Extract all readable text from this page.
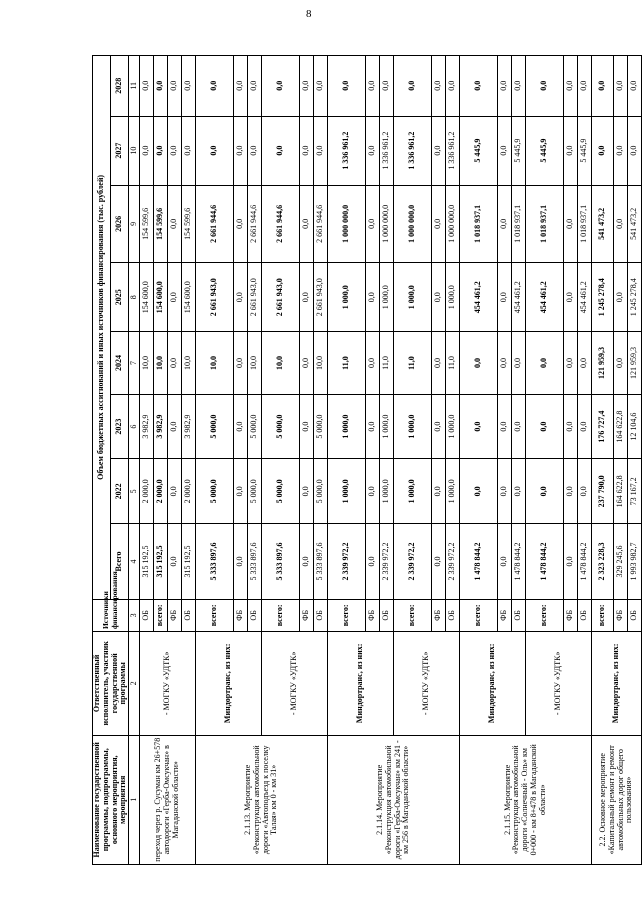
8
Наименование государственной программы, подпрограммы, основного мероприятия, мероприятия	Ответственный исполнитель, участник государственной программы	Источники финансирования	Объем бюджетных ассигнований и иных источников финансирования (тыс. рублей)							
			Всего	2022	2023	2024	2025	2026	2027	2028
1	2	3	4	5	6	7	8	9	10	11
переход через р. Сусуман км 26+578 автодороги «Герба-Омсукчан» в Магаданской области»	- МОГКУ «УДТК»	ОБ	315 192,5	2 000,0	3 982,9	10,0	154 600,0	154 599,6	0,0	0,0
		всего:	315 192,5	2 000,0	3 982,9	10,0	154 600,0	154 599,6	0,0	0,0
		ФБ	0,0	0,0	0,0	0,0	0,0	0,0	0,0	0,0
		ОБ	315 192,5	2 000,0	3 982,9	10,0	154 600,0	154 599,6	0,0	0,0
2.1.13. Мероприятие «Реконструкция автомобильной дороги «Автоподъезд к поселку Талая» км 0 - км 31»	Миндортранс, из них:	всего:	5 333 897,6	5 000,0	5 000,0	10,0	2 661 943,0	2 661 944,6	0,0	0,0
		ФБ	0,0	0,0	0,0	0,0	0,0	0,0	0,0	0,0
		ОБ	5 333 897,6	5 000,0	5 000,0	10,0	2 661 943,0	2 661 944,6	0,0	0,0
	- МОГКУ «УДТК»	всего:	5 333 897,6	5 000,0	5 000,0	10,0	2 661 943,0	2 661 944,6	0,0	0,0
		ФБ	0,0	0,0	0,0	0,0	0,0	0,0	0,0	0,0
		ОБ	5 333 897,6	5 000,0	5 000,0	10,0	2 661 943,0	2 661 944,6	0,0	0,0
2.1.14. Мероприятие «Реконструкция автомобильной дороги «Герба-Омсукчан» км 241 - км 256 в Магаданской области»	Миндортранс, из них:	всего:	2 339 972,2	1 000,0	1 000,0	11,0	1 000,0	1 000 000,0	1 336 961,2	0,0
		ФБ	0,0	0,0	0,0	0,0	0,0	0,0	0,0	0,0
		ОБ	2 339 972,2	1 000,0	1 000,0	11,0	1 000,0	1 000 000,0	1 336 961,2	0,0
	- МОГКУ «УДТК»	всего:	2 339 972,2	1 000,0	1 000,0	11,0	1 000,0	1 000 000,0	1 336 961,2	0,0
		ФБ	0,0	0,0	0,0	0,0	0,0	0,0	0,0	0,0
		ОБ	2 339 972,2	1 000,0	1 000,0	11,0	1 000,0	1 000 000,0	1 336 961,2	0,0
2.1.15. Мероприятие «Реконструкция автомобильной дороги «Солнечный - Оль» км 0+000 - км 8+478 в Магаданской области»	Миндортранс, из них:	всего:	1 478 844,2	0,0	0,0	0,0	454 461,2	1 018 937,1	5 445,9	0,0
		ФБ	0,0	0,0	0,0	0,0	0,0	0,0	0,0	0,0
		ОБ	1 478 844,2	0,0	0,0	0,0	454 461,2	1 018 937,1	5 445,9	0,0
	- МОГКУ «УДТК»	всего:	1 478 844,2	0,0	0,0	0,0	454 461,2	1 018 937,1	5 445,9	0,0
		ФБ	0,0	0,0	0,0	0,0	0,0	0,0	0,0	0,0
		ОБ	1 478 844,2	0,0	0,0	0,0	454 461,2	1 018 937,1	5 445,9	0,0
2.2. Основное мероприятие «Капитальный ремонт и ремонт автомобильных дорог общего пользования»	Миндортранс, из них:	всего:	2 323 228,3	237 790,0	176 727,4	121 959,3	1 245 278,4	541 473,2	0,0	0,0
		ФБ	329 245,6	164 622,8	164 622,8	0,0	0,0	0,0	0,0	0,0
		ОБ	1 993 982,7	73 167,2	12 104,6	121 959,3	1 245 278,4	541 473,2	0,0	0,0
